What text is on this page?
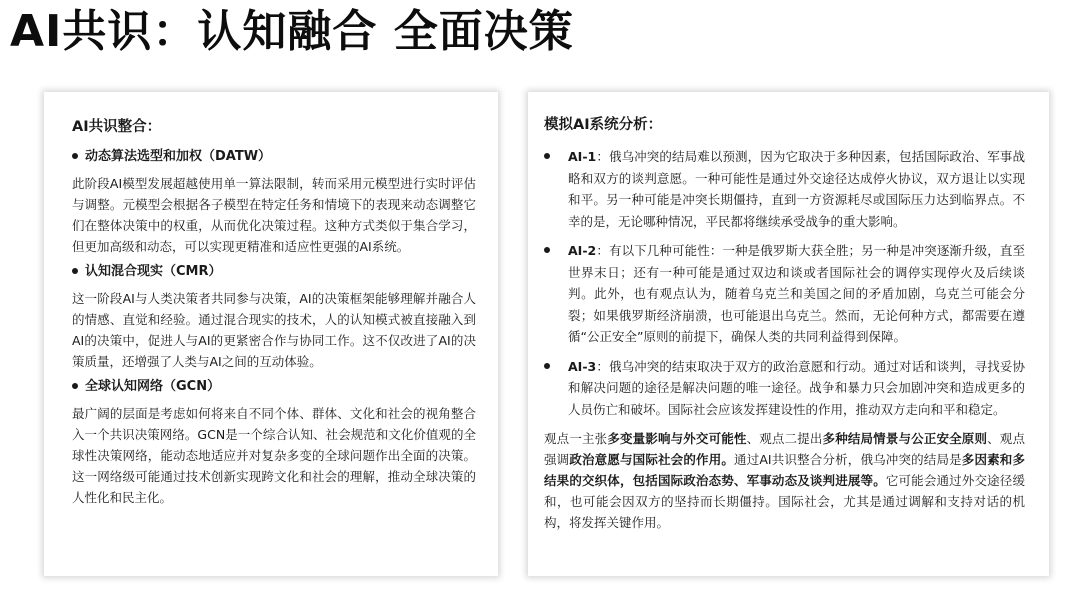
AI共识：认知融合 全面决策
AI共识整合：
动态算法选型和加权（DATW）

此阶段AI模型发展超越使用单一算法限制，转而采用元模型进行实时评估与调整。元模型会根据各子模型在特定任务和情境下的表现来动态调整它们在整体决策中的权重，从而优化决策过程。这种方式类似于集合学习，但更加高级和动态，可以实现更精准和适应性更强的AI系统。

认知混合现实（CMR）

这一阶段AI与人类决策者共同参与决策，AI的决策框架能够理解并融合人的情感、直觉和经验。通过混合现实的技术，人的认知模式被直接融入到AI的决策中，促进人与AI的更紧密合作与协同工作。这不仅改进了AI的决策质量，还增强了人类与AI之间的互动体验。

全球认知网络（GCN）

最广阔的层面是考虑如何将来自不同个体、群体、文化和社会的视角整合入一个共识决策网络。GCN是一个综合认知、社会规范和文化价值观的全球性决策网络，能动态地适应并对复杂多变的全球问题作出全面的决策。这一网络级可能通过技术创新实现跨文化和社会的理解，推动全球决策的人性化和民主化。

模拟AI系统分析：

AI-1：俄乌冲突的结局难以预测，因为它取决于多种因素，包括国际政治、军事战略和双方的谈判意愿。一种可能性是通过外交途径达成停火协议，双方退让以实现和平。另一种可能是冲突长期僵持，直到一方资源耗尽或国际压力达到临界点。不幸的是，无论哪种情况，平民都将继续承受战争的重大影响。

AI-2：有以下几种可能性：一种是俄罗斯大获全胜；另一种是冲突逐渐升级，直至世界末日；还有一种可能是通过双边和谈或者国际社会的调停实现停火及后续谈判。此外，也有观点认为，随着乌克兰和美国之间的矛盾加剧，乌克兰可能会分裂；如果俄罗斯经济崩溃，也可能退出乌克兰。然而，无论何种方式，都需要在遵循“公正安全”原则的前提下，确保人类的共同利益得到保障。

AI-3：俄乌冲突的结束取决于双方的政治意愿和行动。通过对话和谈判，寻找妥协和解决问题的途径是解决问题的唯一途径。战争和暴力只会加剧冲突和造成更多的人员伤亡和破坏。国际社会应该发挥建设性的作用，推动双方走向和平和稳定。

观点一主张多变量影响与外交可能性、观点二提出多种结局情景与公正安全原则、观点强调政治意愿与国际社会的作用。通过AI共识整合分析，俄乌冲突的结局是多因素和多结果的交织体，包括国际政治态势、军事动态及谈判进展等。它可能会通过外交途径缓和，也可能会因双方的坚持而长期僵持。国际社会，尤其是通过调解和支持对话的机构，将发挥关键作用。
